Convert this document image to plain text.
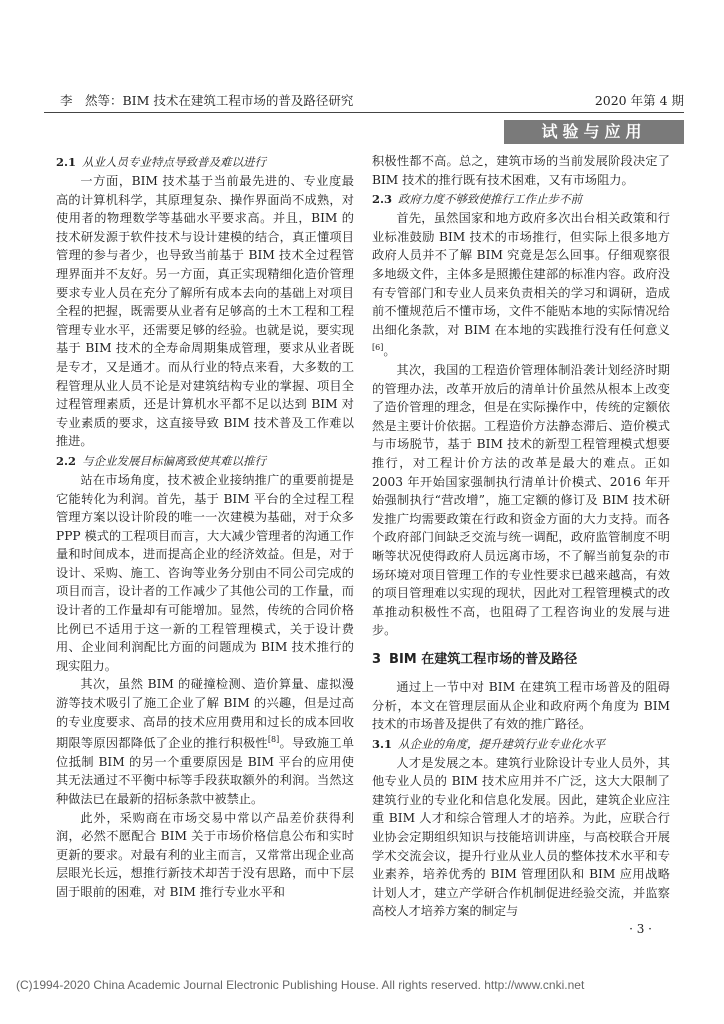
李　然等：BIM 技术在建筑工程市场的普及路径研究	2020 年第 4 期
试验与应用
2.1 从业人员专业特点导致普及难以进行

一方面，BIM 技术基于当前最先进的、专业度最高的计算机科学，其原理复杂、操作界面尚不成熟，对使用者的物理数学等基础水平要求高。并且，BIM 的技术研发源于软件技术与设计建模的结合，真正懂项目管理的参与者少，也导致当前基于 BIM 技术全过程管理界面并不友好。另一方面，真正实现精细化造价管理要求专业人员在充分了解所有成本去向的基础上对项目全程的把握，既需要从业者有足够高的土木工程和工程管理专业水平，还需要足够的经验。也就是说，要实现基于 BIM 技术的全寿命周期集成管理，要求从业者既是专才，又是通才。而从行业的特点来看，大多数的工程管理从业人员不论是对建筑结构专业的掌握、项目全过程管理素质，还是计算机水平都不足以达到 BIM 对专业素质的要求，这直接导致 BIM 技术普及工作难以推进。

2.2 与企业发展目标偏离致使其难以推行

站在市场角度，技术被企业接纳推广的重要前提是它能转化为利润。首先，基于 BIM 平台的全过程工程管理方案以设计阶段的唯一一次建模为基础，对于众多 PPP 模式的工程项目而言，大大减少管理者的沟通工作量和时间成本，进而提高企业的经济效益。但是，对于设计、采购、施工、咨询等业务分别由不同公司完成的项目而言，设计者的工作减少了其他公司的工作量，而设计者的工作量却有可能增加。显然，传统的合同价格比例已不适用于这一新的工程管理模式，关于设计费用、企业间利润配比方面的问题成为 BIM 技术推行的现实阻力。

其次，虽然 BIM 的碰撞检测、造价算量、虚拟漫游等技术吸引了施工企业了解 BIM 的兴趣，但是过高的专业度要求、高昂的技术应用费用和过长的成本回收期限等原因都降低了企业的推行积极性[8]。导致施工单位抵制 BIM 的另一个重要原因是 BIM 平台的应用使其无法通过不平衡中标等手段获取额外的利润。当然这种做法已在最新的招标条款中被禁止。

此外，采购商在市场交易中常以产品差价获得利润，必然不愿配合 BIM 关于市场价格信息公布和实时更新的要求。对最有利的业主而言，又常常出现企业高层眼光长远，想推行新技术却苦于没有思路，而中下层固于眼前的困难，对 BIM 推行专业水平和

积极性都不高。总之，建筑市场的当前发展阶段决定了 BIM 技术的推行既有技术困难，又有市场阻力。

2.3 政府力度不够致使推行工作止步不前

首先，虽然国家和地方政府多次出台相关政策和行业标准鼓励 BIM 技术的市场推行，但实际上很多地方政府人员并不了解 BIM 究竟是怎么回事。仔细观察很多地级文件，主体多是照搬住建部的标准内容。政府没有专管部门和专业人员来负责相关的学习和调研，造成前不懂规范后不懂市场，文件不能贴本地的实际情况给出细化条款，对 BIM 在本地的实践推行没有任何意义[6]。

其次，我国的工程造价管理体制沿袭计划经济时期的管理办法，改革开放后的清单计价虽然从根本上改变了造价管理的理念，但是在实际操作中，传统的定额依然是主要计价依据。工程造价方法静态滞后、造价模式与市场脱节，基于 BIM 技术的新型工程管理模式想要推行，对工程计价方法的改革是最大的难点。正如 2003 年开始国家强制执行清单计价模式、2016 年开始强制执行“营改增”，施工定额的修订及 BIM 技术研发推广均需要政策在行政和资金方面的大力支持。而各个政府部门间缺乏交流与统一调配，政府监管制度不明晰等状况使得政府人员远离市场，不了解当前复杂的市场环境对项目管理工作的专业性要求已越来越高，有效的项目管理难以实现的现状，因此对工程管理模式的改革推动积极性不高，也阻碍了工程咨询业的发展与进步。

3 BIM 在建筑工程市场的普及路径

通过上一节中对 BIM 在建筑工程市场普及的阻碍分析，本文在管理层面从企业和政府两个角度为 BIM 技术的市场普及提供了有效的推广路径。

3.1 从企业的角度，提升建筑行业专业化水平

人才是发展之本。建筑行业除设计专业人员外，其他专业人员的 BIM 技术应用并不广泛，这大大限制了建筑行业的专业化和信息化发展。因此，建筑企业应注重 BIM 人才和综合管理人才的培养。为此，应联合行业协会定期组织知识与技能培训讲座，与高校联合开展学术交流会议，提升行业从业人员的整体技术水平和专业素养，培养优秀的 BIM 管理团队和 BIM 应用战略计划人才，建立产学研合作机制促进经验交流，并监察高校人才培养方案的制定与

· 3 ·
(C)1994-2020 China Academic Journal Electronic Publishing House. All rights reserved. http://www.cnki.net
